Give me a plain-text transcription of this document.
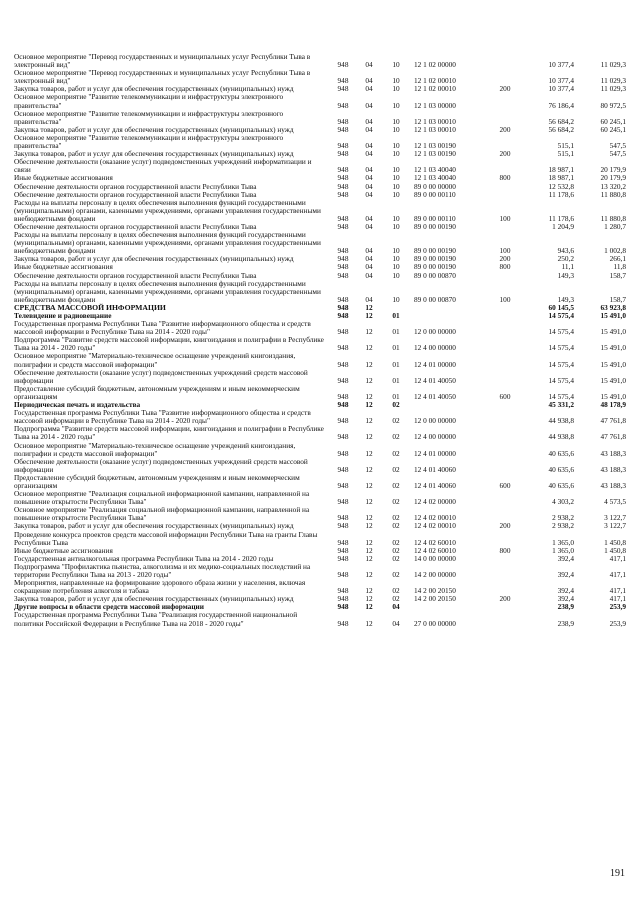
Основное мероприятие "Перевод государственных и муниципальных услуг Республики Тыва в электронный вид"	948	04	10	12 1 02 00000		10 377,4	11 029,3
Основное мероприятие "Перевод государственных и муниципальных услуг Республики Тыва в электронный вид"	948	04	10	12 1 02 00010		10 377,4	11 029,3
Закупка товаров, работ и услуг для обеспечения государственных (муниципальных) нужд	948	04	10	12 1 02 00010	200	10 377,4	11 029,3
Основное мероприятие "Развитие телекоммуникации и инфраструктуры электронного правительства"	948	04	10	12 1 03 00000		76 186,4	80 972,5
Основное мероприятие "Развитие телекоммуникации и инфраструктуры электронного правительства"	948	04	10	12 1 03 00010		56 684,2	60 245,1
Закупка товаров, работ и услуг для обеспечения государственных (муниципальных) нужд	948	04	10	12 1 03 00010	200	56 684,2	60 245,1
Основное мероприятие "Развитие телекоммуникации и инфраструктуры электронного правительства"	948	04	10	12 1 03 00190		515,1	547,5
Закупка товаров, работ и услуг для обеспечения государственных (муниципальных) нужд	948	04	10	12 1 03 00190	200	515,1	547,5
Обеспечение деятельности (оказание услуг) подведомственных учреждений информатизации и связи	948	04	10	12 1 03 40040		18 987,1	20 179,9
Иные бюджетные ассигнования	948	04	10	12 1 03 40040	800	18 987,1	20 179,9
Обеспечение деятельности органов государственной власти Республики Тыва	948	04	10	89 0 00 00000		12 532,8	13 320,2
Обеспечение деятельности органов государственной власти Республики Тыва	948	04	10	89 0 00 00110		11 178,6	11 880,8
Расходы на выплаты персоналу в целях обеспечения выполнения функций государственными (муниципальными) органами, казенными учреждениями, органами управления государственными внебюджетными фондами	948	04	10	89 0 00 00110	100	11 178,6	11 880,8
Обеспечение деятельности органов государственной власти Республики Тыва	948	04	10	89 0 00 00190		1 204,9	1 280,7
Расходы на выплаты персоналу в целях обеспечения выполнения функций государственными (муниципальными) органами, казенными учреждениями, органами управления государственными внебюджетными фондами	948	04	10	89 0 00 00190	100	943,6	1 002,8
Закупка товаров, работ и услуг для обеспечения государственных (муниципальных) нужд	948	04	10	89 0 00 00190	200	250,2	266,1
Иные бюджетные ассигнования	948	04	10	89 0 00 00190	800	11,1	11,8
Обеспечение деятельности органов государственной власти Республики Тыва	948	04	10	89 0 00 00870		149,3	158,7
Расходы на выплаты персоналу в целях обеспечения выполнения функций государственными (муниципальными) органами, казенными учреждениями, органами управления государственными внебюджетными фондами	948	04	10	89 0 00 00870	100	149,3	158,7
СРЕДСТВА МАССОВОЙ ИНФОРМАЦИИ	948	12				60 145,5	63 923,8
Телевидение и радиовещание	948	12	01			14 575,4	15 491,0
Государственная программа Республики Тыва "Развитие информационного общества и средств массовой информации в Республике Тыва на 2014 - 2020 годы"	948	12	01	12 0 00 00000		14 575,4	15 491,0
Подпрограмма "Развитие средств массовой информации, книгоиздания и полиграфии в Республике Тыва на 2014 - 2020 годы"	948	12	01	12 4 00 00000		14 575,4	15 491,0
Основное мероприятие "Материально-техническое оснащение учреждений книгоиздания, полиграфии и средств массовой информации"	948	12	01	12 4 01 00000		14 575,4	15 491,0
Обеспечение деятельности (оказание услуг) подведомственных учреждений средств массовой информации	948	12	01	12 4 01 40050		14 575,4	15 491,0
Предоставление субсидий бюджетным, автономным учреждениям и иным некоммерческим организациям	948	12	01	12 4 01 40050	600	14 575,4	15 491,0
Периодическая печать и издательства	948	12	02			45 331,2	48 178,9
Государственная программа Республики Тыва "Развитие информационного общества и средств массовой информации в Республике Тыва на 2014 - 2020 годы"	948	12	02	12 0 00 00000		44 938,8	47 761,8
Подпрограмма "Развитие средств массовой информации, книгоиздания и полиграфии в Республике Тыва на 2014 - 2020 годы"	948	12	02	12 4 00 00000		44 938,8	47 761,8
Основное мероприятие "Материально-техническое оснащение учреждений книгоиздания, полиграфии и средств массовой информации"	948	12	02	12 4 01 00000		40 635,6	43 188,3
Обеспечение деятельности (оказание услуг) подведомственных учреждений средств массовой информации	948	12	02	12 4 01 40060		40 635,6	43 188,3
Предоставление субсидий бюджетным, автономным учреждениям и иным некоммерческим организациям	948	12	02	12 4 01 40060	600	40 635,6	43 188,3
Основное мероприятие "Реализация социальной информационной кампании, направленной на повышение открытости Республики Тыва"	948	12	02	12 4 02 00000		4 303,2	4 573,5
Основное мероприятие "Реализация социальной информационной кампании, направленной на повышение открытости Республики Тыва"	948	12	02	12 4 02 00010		2 938,2	3 122,7
Закупка товаров, работ и услуг для обеспечения государственных (муниципальных) нужд	948	12	02	12 4 02 00010	200	2 938,2	3 122,7
Проведение конкурса проектов средств массовой информации Республики Тыва на гранты Главы Республики Тыва	948	12	02	12 4 02 60010		1 365,0	1 450,8
Иные бюджетные ассигнования	948	12	02	12 4 02 60010	800	1 365,0	1 450,8
Государственная антиалкогольная программа Республики Тыва на 2014 - 2020 годы	948	12	02	14 0 00 00000		392,4	417,1
Подпрограмма "Профилактика пьянства, алкоголизма и их медико-социальных последствий на территории Республики Тыва на 2013 - 2020 годы"	948	12	02	14 2 00 00000		392,4	417,1
Мероприятия, направленные на формирование здорового образа жизни у населения, включая сокращение потребления алкоголя и табака	948	12	02	14 2 00 20150		392,4	417,1
Закупка товаров, работ и услуг для обеспечения государственных (муниципальных) нужд	948	12	02	14 2 00 20150	200	392,4	417,1
Другие вопросы в области средств массовой информации	948	12	04			238,9	253,9
Государственная программа Республики Тыва "Реализация государственной национальной политики Российской Федерации в Республике Тыва на 2018 - 2020 годы"	948	12	04	27 0 00 00000		238,9	253,9
191
